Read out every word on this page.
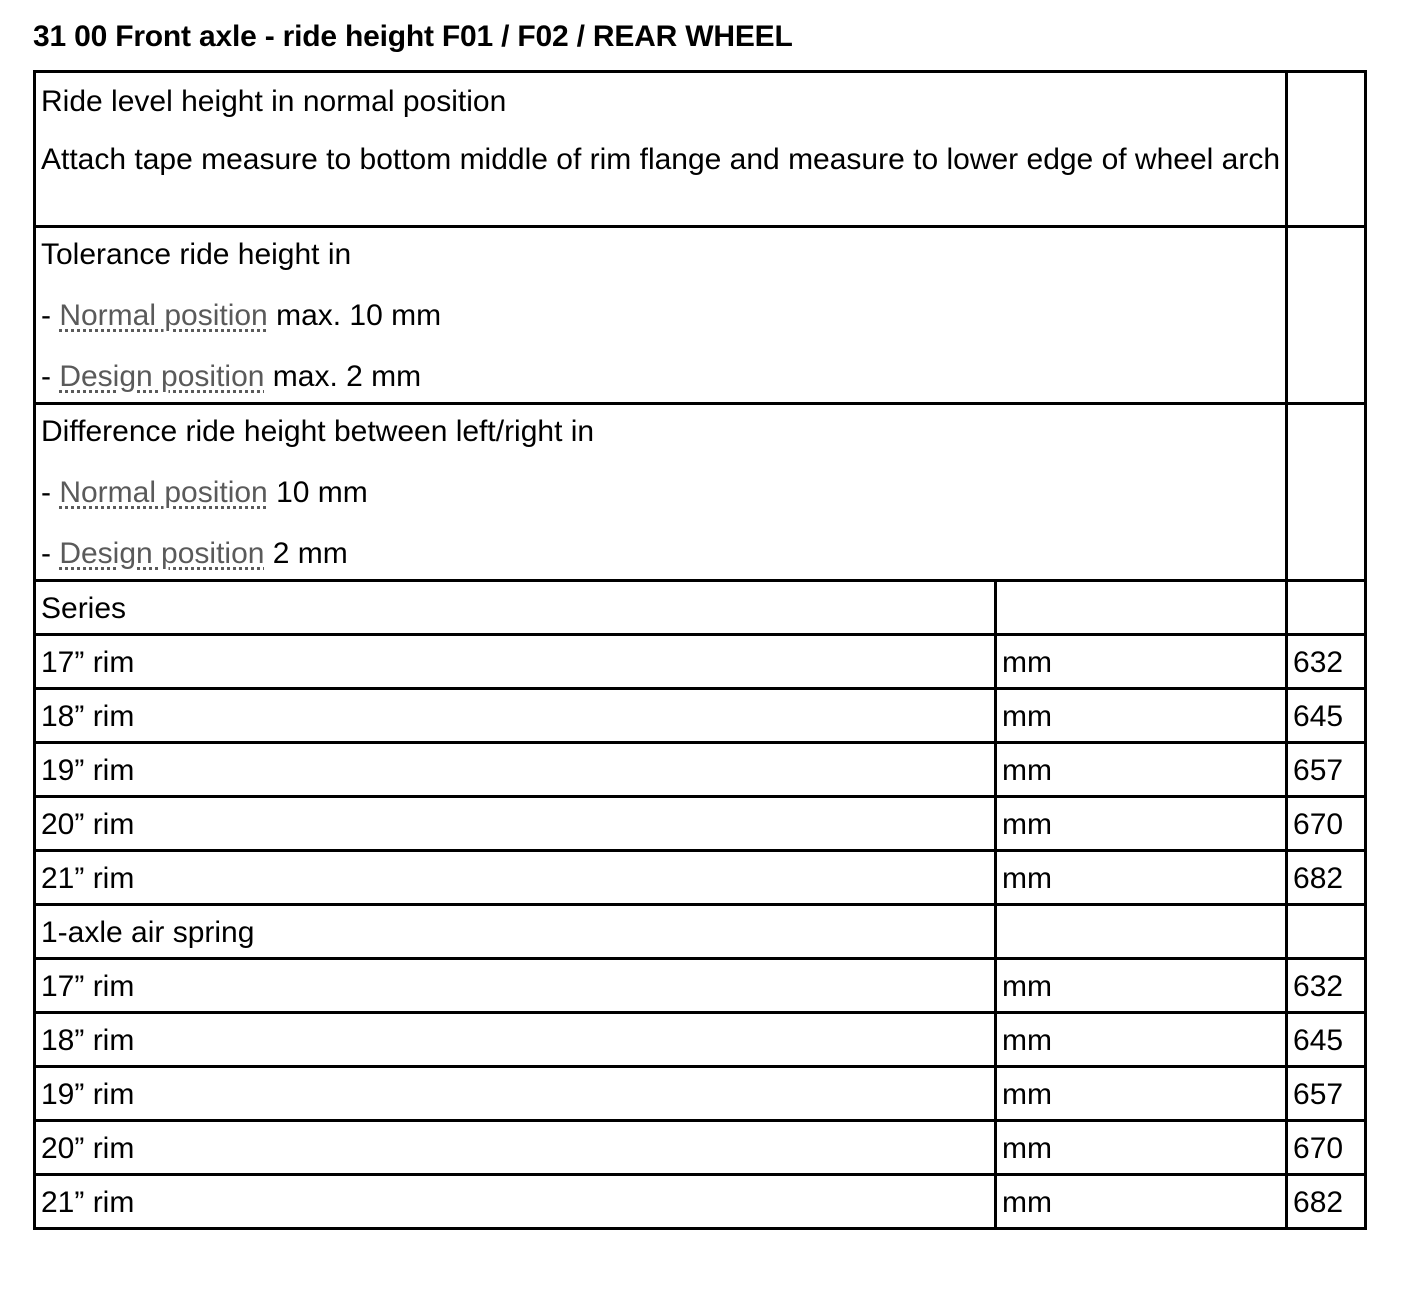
31 00 Front axle - ride height F01 / F02 / REAR WHEEL

Ride level height in normal position

Attach tape measure to bottom middle of rim flange and measure to lower edge of wheel arch		

Tolerance ride height in

- Normal position max. 10 mm

- Design position max. 2 mm		

Difference ride height between left/right in

- Normal position 10 mm

- Design position 2 mm		

Series		
17” rim	mm	632
18” rim	mm	645
19” rim	mm	657
20” rim	mm	670
21” rim	mm	682
1-axle air spring		
17” rim	mm	632
18” rim	mm	645
19” rim	mm	657
20” rim	mm	670
21” rim	mm	682
